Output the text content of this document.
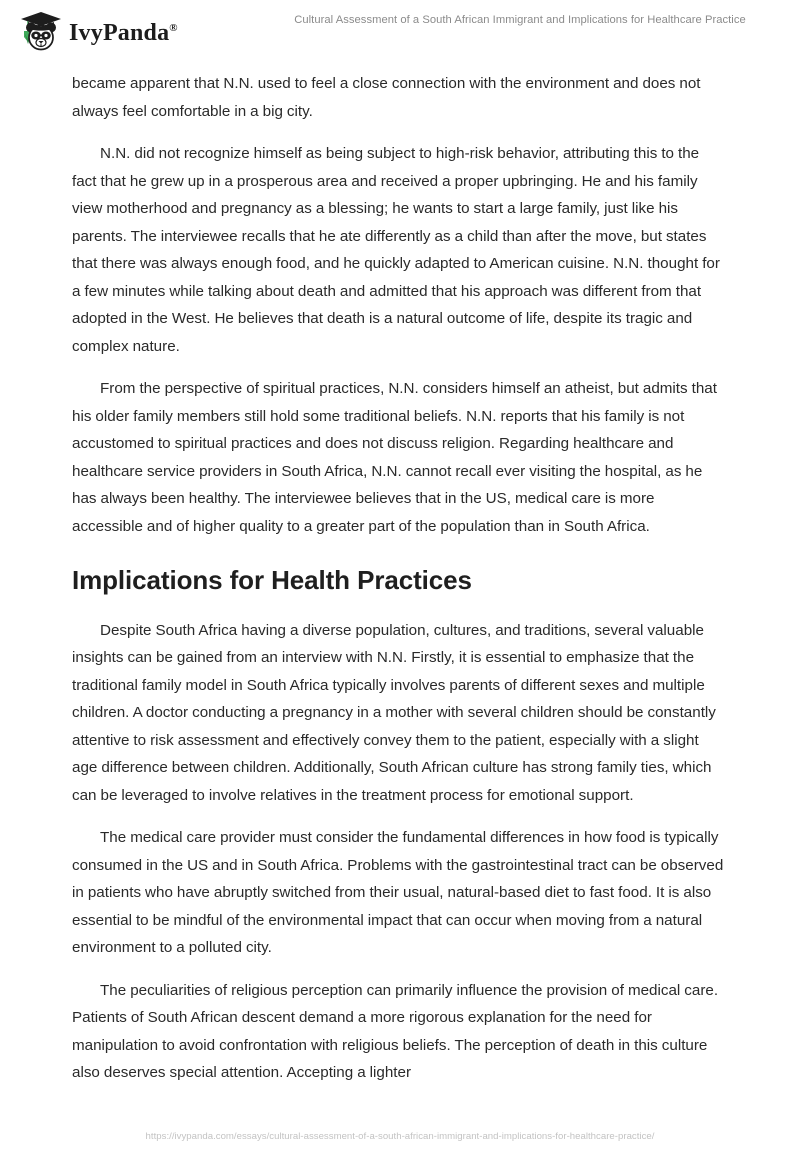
IvyPanda®
Cultural Assessment of a South African Immigrant and Implications for Healthcare Practice

became apparent that N.N. used to feel a close connection with the environment and does not always feel comfortable in a big city.

N.N. did not recognize himself as being subject to high-risk behavior, attributing this to the fact that he grew up in a prosperous area and received a proper upbringing. He and his family view motherhood and pregnancy as a blessing; he wants to start a large family, just like his parents. The interviewee recalls that he ate differently as a child than after the move, but states that there was always enough food, and he quickly adapted to American cuisine. N.N. thought for a few minutes while talking about death and admitted that his approach was different from that adopted in the West. He believes that death is a natural outcome of life, despite its tragic and complex nature.

From the perspective of spiritual practices, N.N. considers himself an atheist, but admits that his older family members still hold some traditional beliefs. N.N. reports that his family is not accustomed to spiritual practices and does not discuss religion. Regarding healthcare and healthcare service providers in South Africa, N.N. cannot recall ever visiting the hospital, as he has always been healthy. The interviewee believes that in the US, medical care is more accessible and of higher quality to a greater part of the population than in South Africa.

Implications for Health Practices

Despite South Africa having a diverse population, cultures, and traditions, several valuable insights can be gained from an interview with N.N. Firstly, it is essential to emphasize that the traditional family model in South Africa typically involves parents of different sexes and multiple children. A doctor conducting a pregnancy in a mother with several children should be constantly attentive to risk assessment and effectively convey them to the patient, especially with a slight age difference between children. Additionally, South African culture has strong family ties, which can be leveraged to involve relatives in the treatment process for emotional support.

The medical care provider must consider the fundamental differences in how food is typically consumed in the US and in South Africa. Problems with the gastrointestinal tract can be observed in patients who have abruptly switched from their usual, natural-based diet to fast food. It is also essential to be mindful of the environmental impact that can occur when moving from a natural environment to a polluted city.

The peculiarities of religious perception can primarily influence the provision of medical care. Patients of South African descent demand a more rigorous explanation for the need for manipulation to avoid confrontation with religious beliefs. The perception of death in this culture also deserves special attention. Accepting a lighter

https://ivypanda.com/essays/cultural-assessment-of-a-south-african-immigrant-and-implications-for-healthcare-practice/
